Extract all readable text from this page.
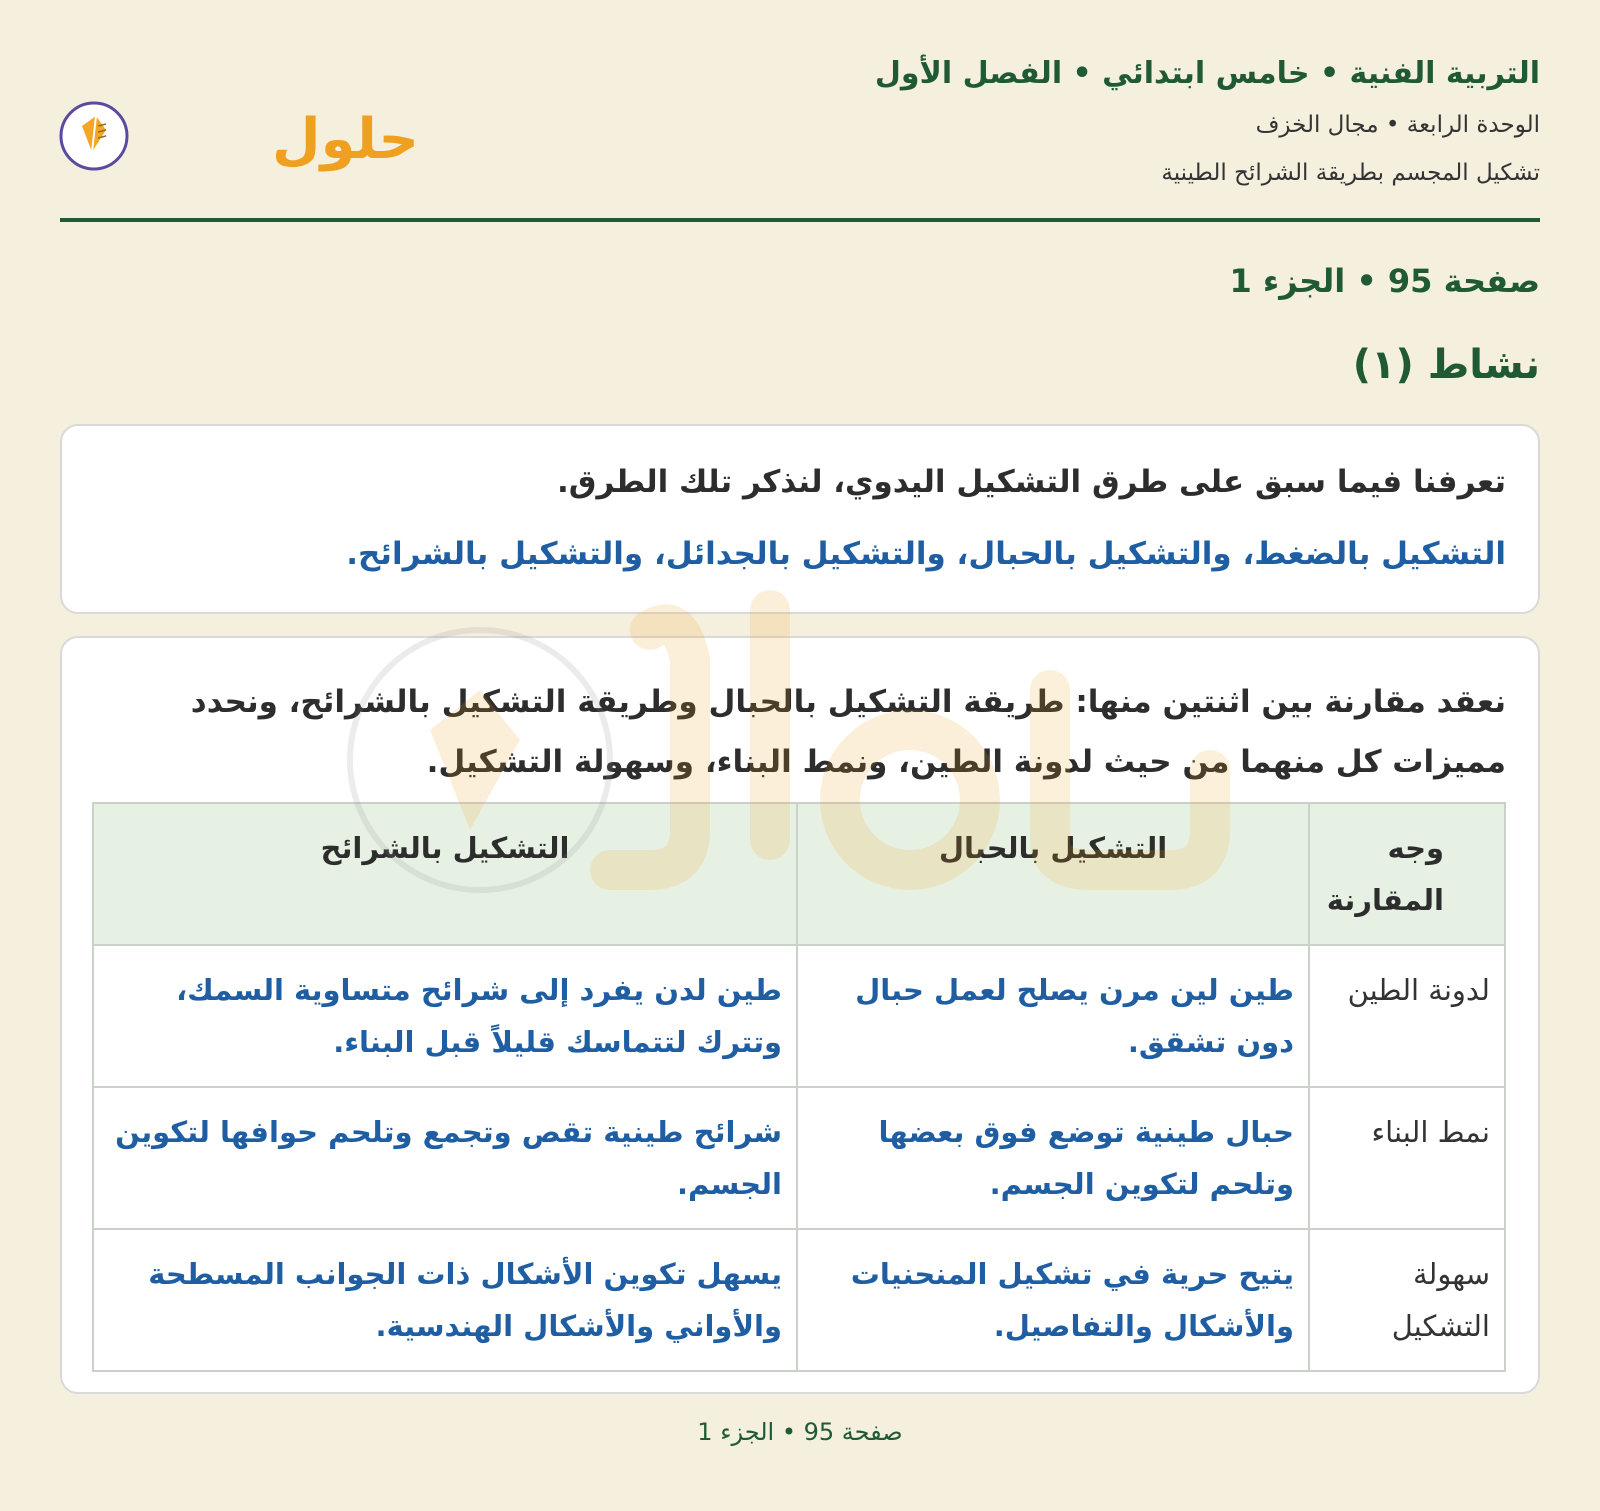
التربية الفنية • خامس ابتدائي • الفصل الأول
الوحدة الرابعة • مجال الخزف
تشكيل المجسم بطريقة الشرائح الطينية
حلول
صفحة 95 • الجزء 1
نشاط (١)
تعرفنا فيما سبق على طرق التشكيل اليدوي، لنذكر تلك الطرق.
التشكيل بالضغط، والتشكيل بالحبال، والتشكيل بالجدائل، والتشكيل بالشرائح.
نعقد مقارنة بين اثنتين منها: طريقة التشكيل بالحبال وطريقة التشكيل بالشرائح، ونحدد مميزات كل منهما من حيث لدونة الطين، ونمط البناء، وسهولة التشكيل.
وجه المقارنة	التشكيل بالحبال	التشكيل بالشرائح
لدونة الطين	طين لين مرن يصلح لعمل حبال دون تشقق.	طين لدن يفرد إلى شرائح متساوية السمك، وتترك لتتماسك قليلاً قبل البناء.
نمط البناء	حبال طينية توضع فوق بعضها وتلحم لتكوين الجسم.	شرائح طينية تقص وتجمع وتلحم حوافها لتكوين الجسم.
سهولة التشكيل	يتيح حرية في تشكيل المنحنيات والأشكال والتفاصيل.	يسهل تكوين الأشكال ذات الجوانب المسطحة والأواني والأشكال الهندسية.
صفحة 95 • الجزء 1
